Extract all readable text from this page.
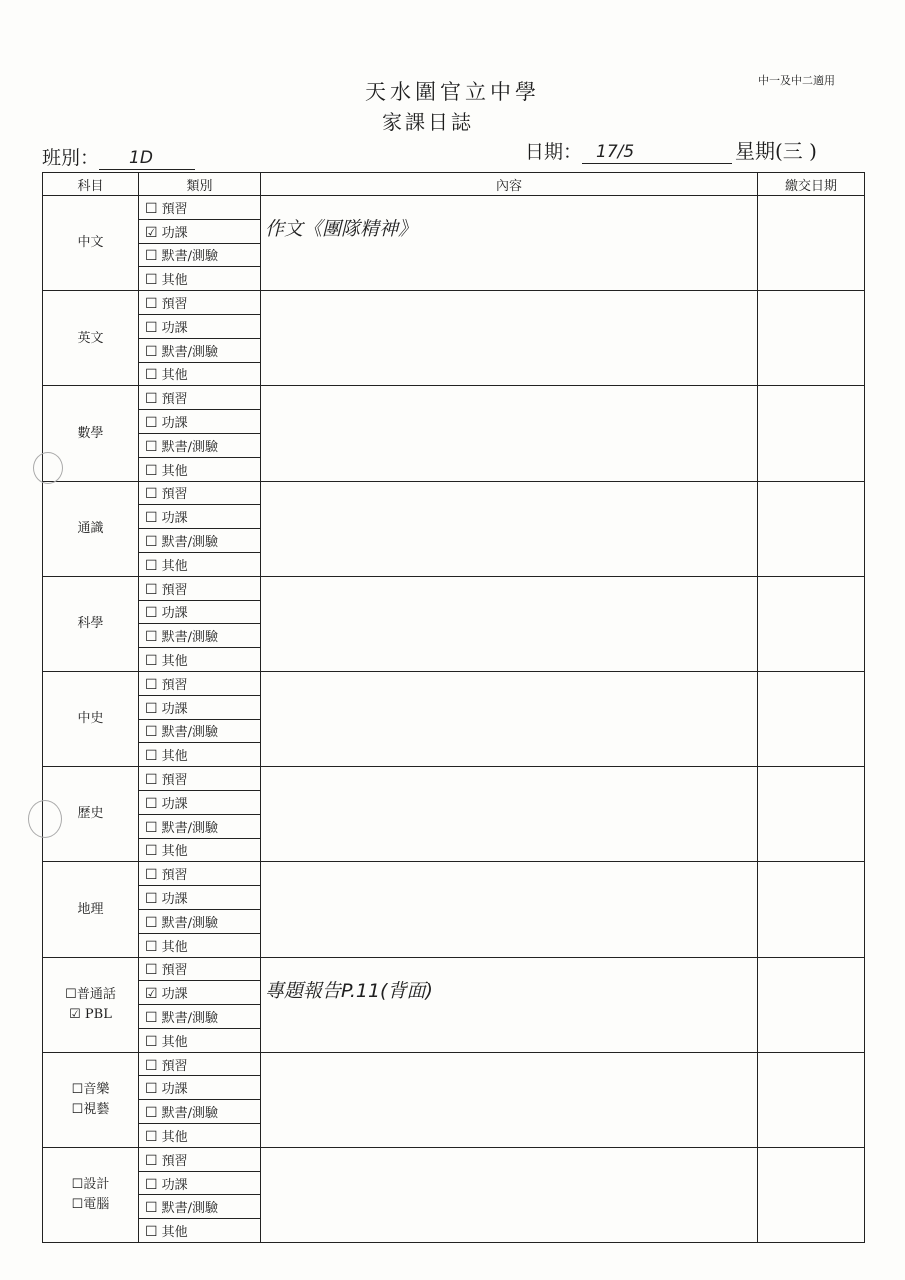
天水圍官立中學
家課日誌
中一及中二適用
班別： 1D	日期： 17/5	星期(三 )
科目	類別	內容	繳交日期

中文	☐ 預習	作文《團隊精神》	

	☑ 功課		
	☐ 默書/測驗		
	☐ 其他		

英文	☐ 預習		
	☐ 功課		
	☐ 默書/測驗		
	☐ 其他		

數學	☐ 預習		
	☐ 功課		
	☐ 默書/測驗		
	☐ 其他		

通識	☐ 預習		
	☐ 功課		
	☐ 默書/測驗		
	☐ 其他		

科學	☐ 預習		
	☐ 功課		
	☐ 默書/測驗		
	☐ 其他		

中史	☐ 預習		
	☐ 功課		
	☐ 默書/測驗		
	☐ 其他		

歷史	☐ 預習		
	☐ 功課		
	☐ 默書/測驗		
	☐ 其他		

地理	☐ 預習		
	☐ 功課		
	☐ 默書/測驗		
	☐ 其他		

☐普通話
☑ PBL	☐ 預習	專題報告P.11(背面)	

	☑ 功課		
	☐ 默書/測驗		
	☐ 其他		

☐音樂
☐視藝	☐ 預習		
	☐ 功課		
	☐ 默書/測驗		
	☐ 其他		

☐設計
☐電腦	☐ 預習		
	☐ 功課		
	☐ 默書/測驗		
	☐ 其他		
